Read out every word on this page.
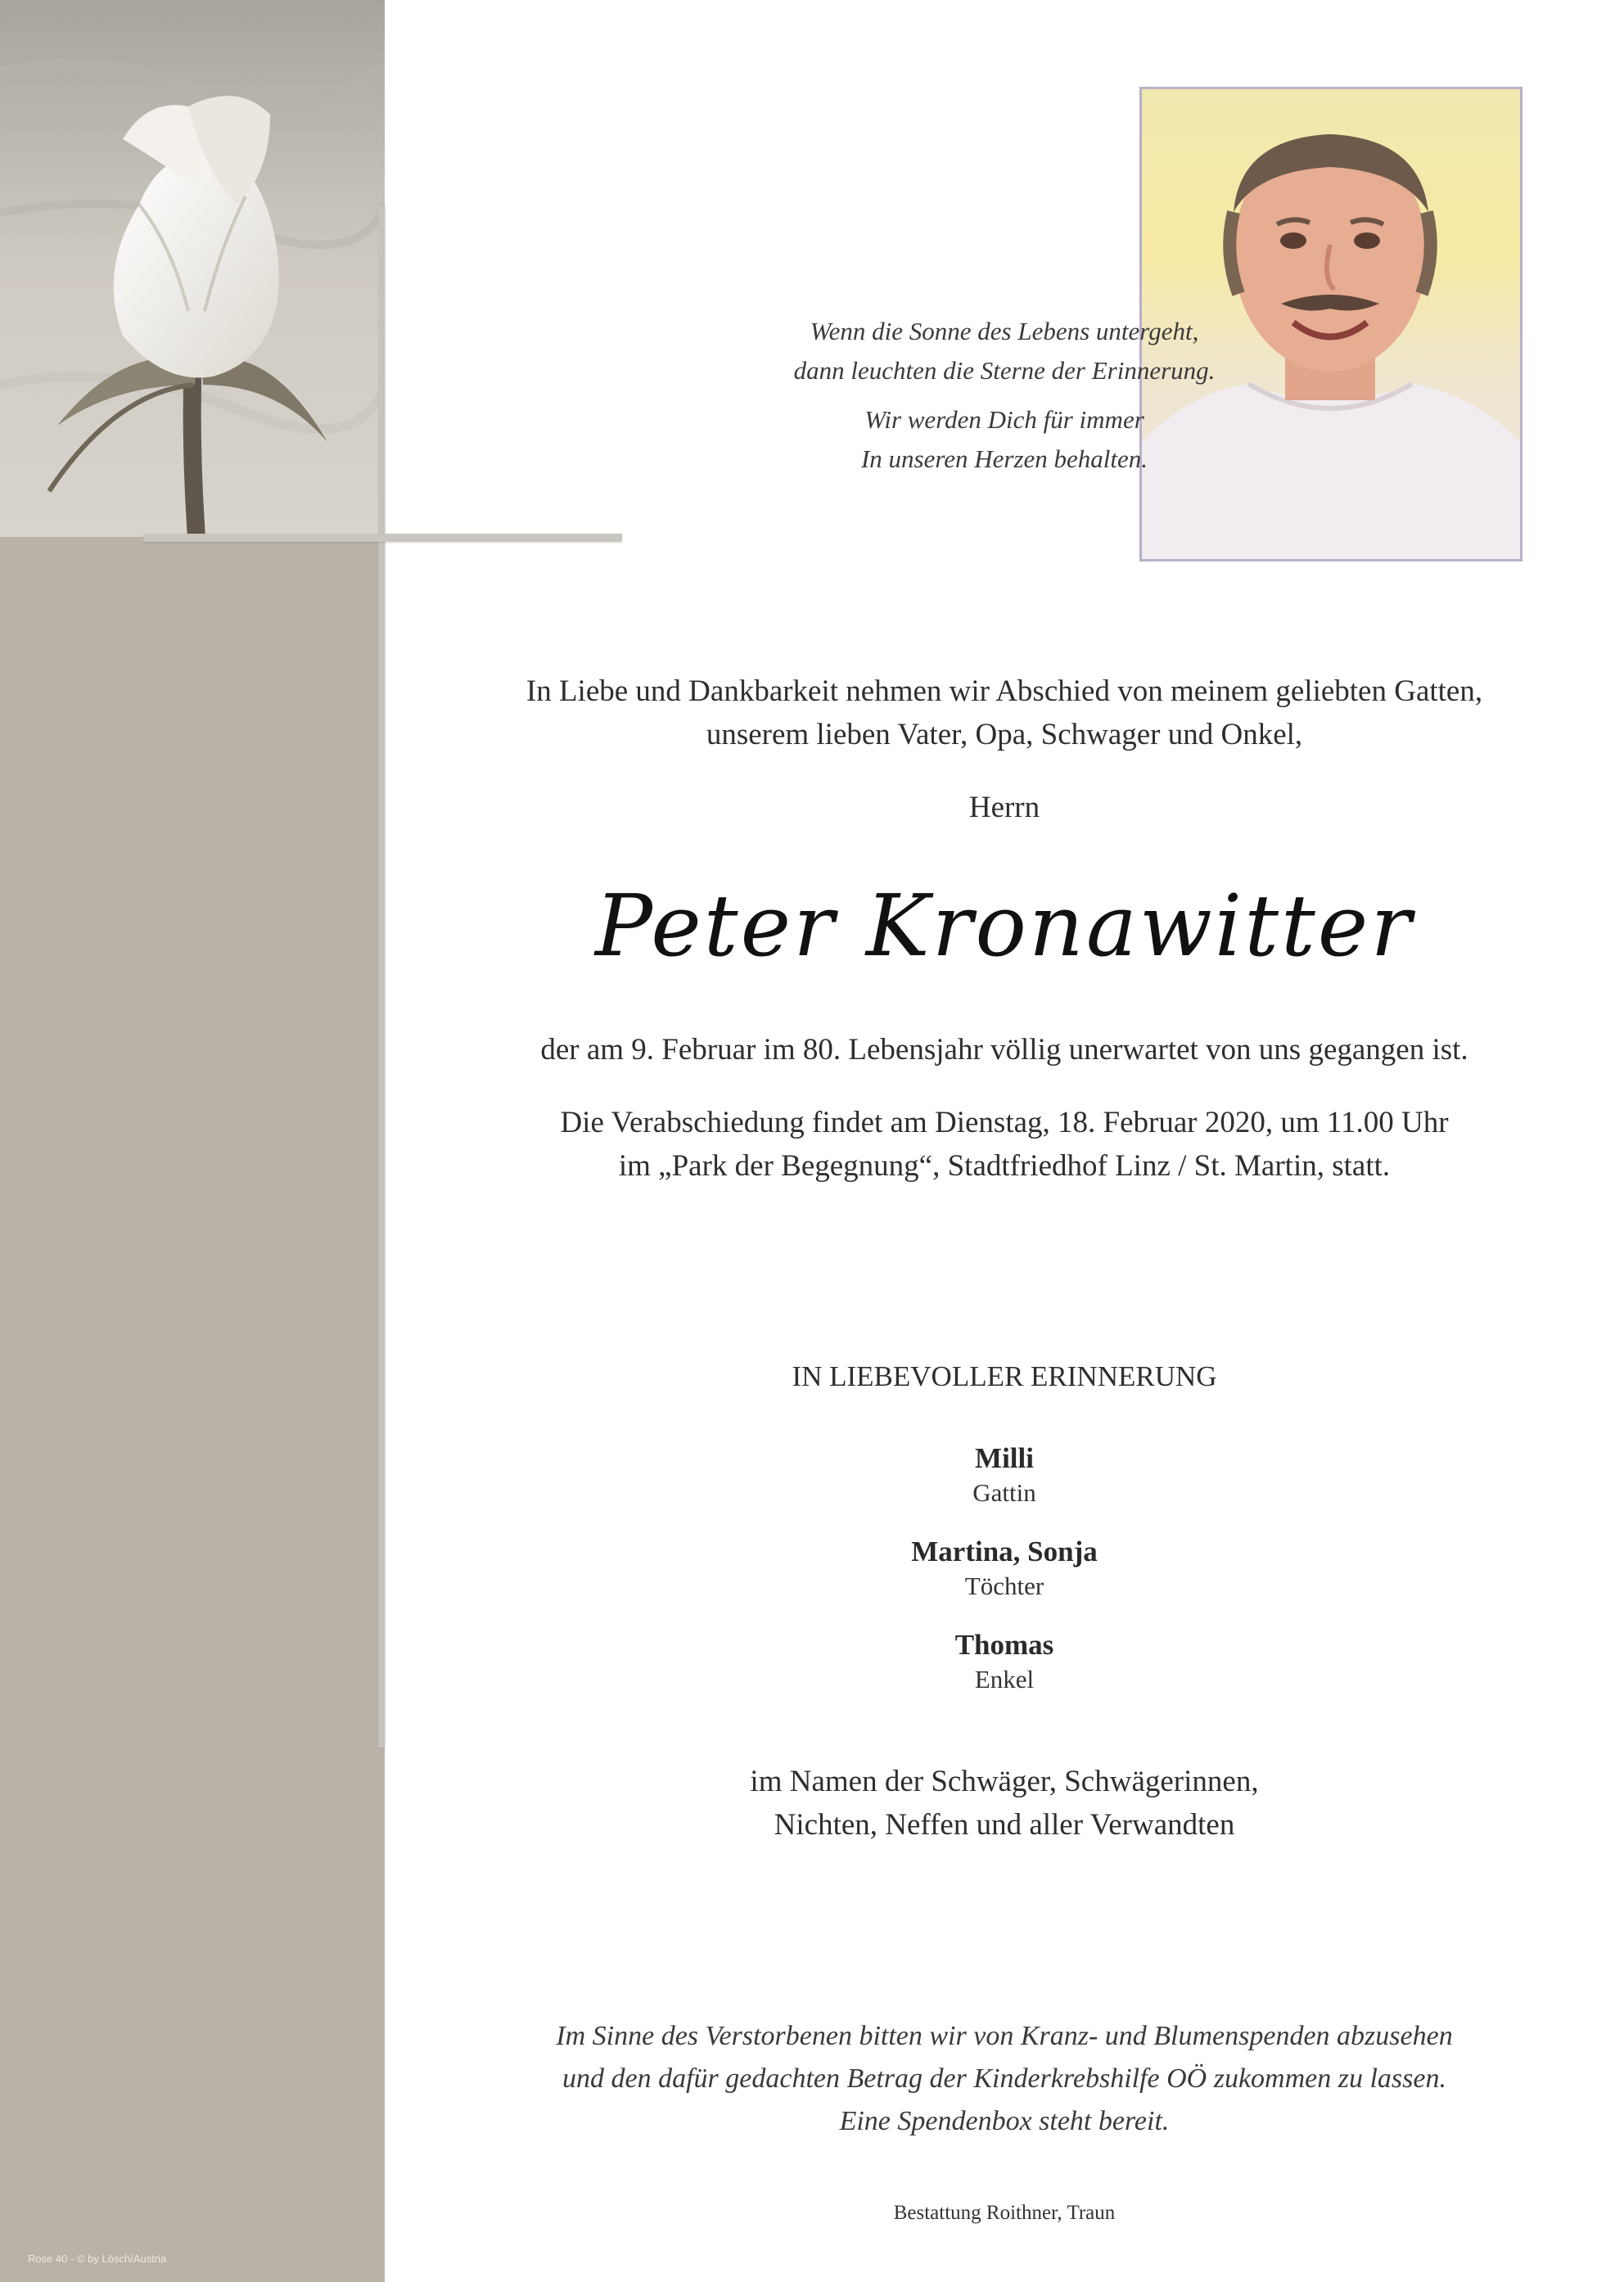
Wenn die Sonne des Lebens untergeht,
dann leuchten die Sterne der Erinnerung.
Wir werden Dich für immer
In unseren Herzen behalten.
In Liebe und Dankbarkeit nehmen wir Abschied von meinem geliebten Gatten,
unserem lieben Vater, Opa, Schwager und Onkel,
Herrn
Peter Kronawitter
der am 9. Februar im 80. Lebensjahr völlig unerwartet von uns gegangen ist.
Die Verabschiedung findet am Dienstag, 18. Februar 2020, um 11.00 Uhr
im „Park der Begegnung“, Stadtfriedhof Linz / St. Martin, statt.
IN LIEBEVOLLER ERINNERUNG
Milli
Gattin
Martina, Sonja
Töchter
Thomas
Enkel
im Namen der Schwäger, Schwägerinnen,
Nichten, Neffen und aller Verwandten
Im Sinne des Verstorbenen bitten wir von Kranz- und Blumenspenden abzusehen
und den dafür gedachten Betrag der Kinderkrebshilfe OÖ zukommen zu lassen.
Eine Spendenbox steht bereit.
Bestattung Roithner, Traun
Rose 40 - © by Lösch/Austria
